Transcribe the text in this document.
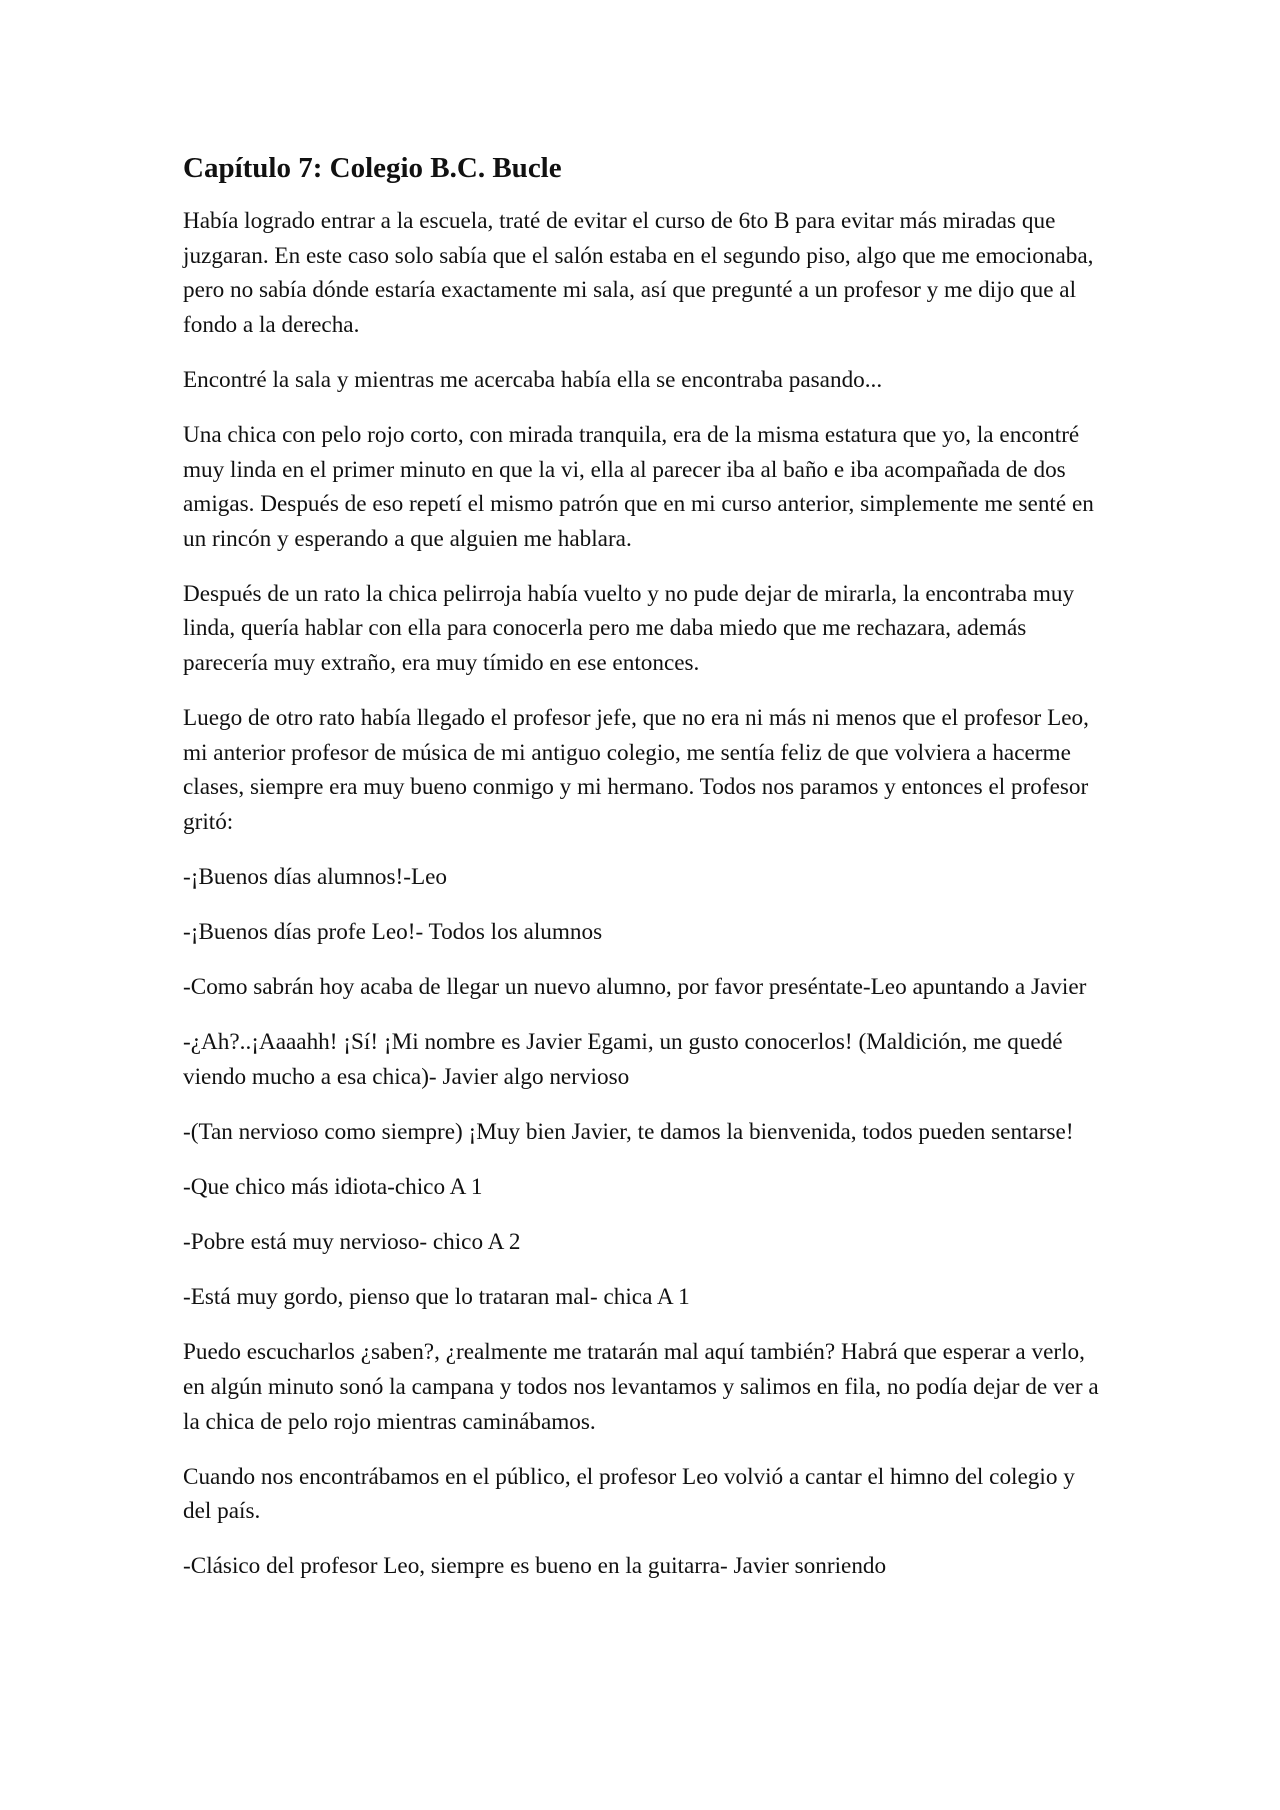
Capítulo 7: Colegio B.C. Bucle

Había logrado entrar a la escuela, traté de evitar el curso de 6to B para evitar más miradas que juzgaran. En este caso solo sabía que el salón estaba en el segundo piso, algo que me emocionaba, pero no sabía dónde estaría exactamente mi sala, así que pregunté a un profesor y me dijo que al fondo a la derecha.

Encontré la sala y mientras me acercaba había ella se encontraba pasando...

Una chica con pelo rojo corto, con mirada tranquila, era de la misma estatura que yo, la encontré muy linda en el primer minuto en que la vi, ella al parecer iba al baño e iba acompañada de dos amigas. Después de eso repetí el mismo patrón que en mi curso anterior, simplemente me senté en un rincón y esperando a que alguien me hablara.

Después de un rato la chica pelirroja había vuelto y no pude dejar de mirarla, la encontraba muy linda, quería hablar con ella para conocerla pero me daba miedo que me rechazara, además parecería muy extraño, era muy tímido en ese entonces.

Luego de otro rato había llegado el profesor jefe, que no era ni más ni menos que el profesor Leo, mi anterior profesor de música de mi antiguo colegio, me sentía feliz de que volviera a hacerme clases, siempre era muy bueno conmigo y mi hermano. Todos nos paramos y entonces el profesor gritó:

-¡Buenos días alumnos!-Leo

-¡Buenos días profe Leo!- Todos los alumnos

-Como sabrán hoy acaba de llegar un nuevo alumno, por favor preséntate-Leo apuntando a Javier

-¿Ah?..¡Aaaahh! ¡Sí! ¡Mi nombre es Javier Egami, un gusto conocerlos! (Maldición, me quedé viendo mucho a esa chica)- Javier algo nervioso

-(Tan nervioso como siempre) ¡Muy bien Javier, te damos la bienvenida, todos pueden sentarse!

-Que chico más idiota-chico A 1

-Pobre está muy nervioso- chico A 2

-Está muy gordo, pienso que lo trataran mal- chica A 1

Puedo escucharlos ¿saben?, ¿realmente me tratarán mal aquí también? Habrá que esperar a verlo, en algún minuto sonó la campana y todos nos levantamos y salimos en fila, no podía dejar de ver a la chica de pelo rojo mientras caminábamos.

Cuando nos encontrábamos en el público, el profesor Leo volvió a cantar el himno del colegio y del país.

-Clásico del profesor Leo, siempre es bueno en la guitarra- Javier sonriendo
